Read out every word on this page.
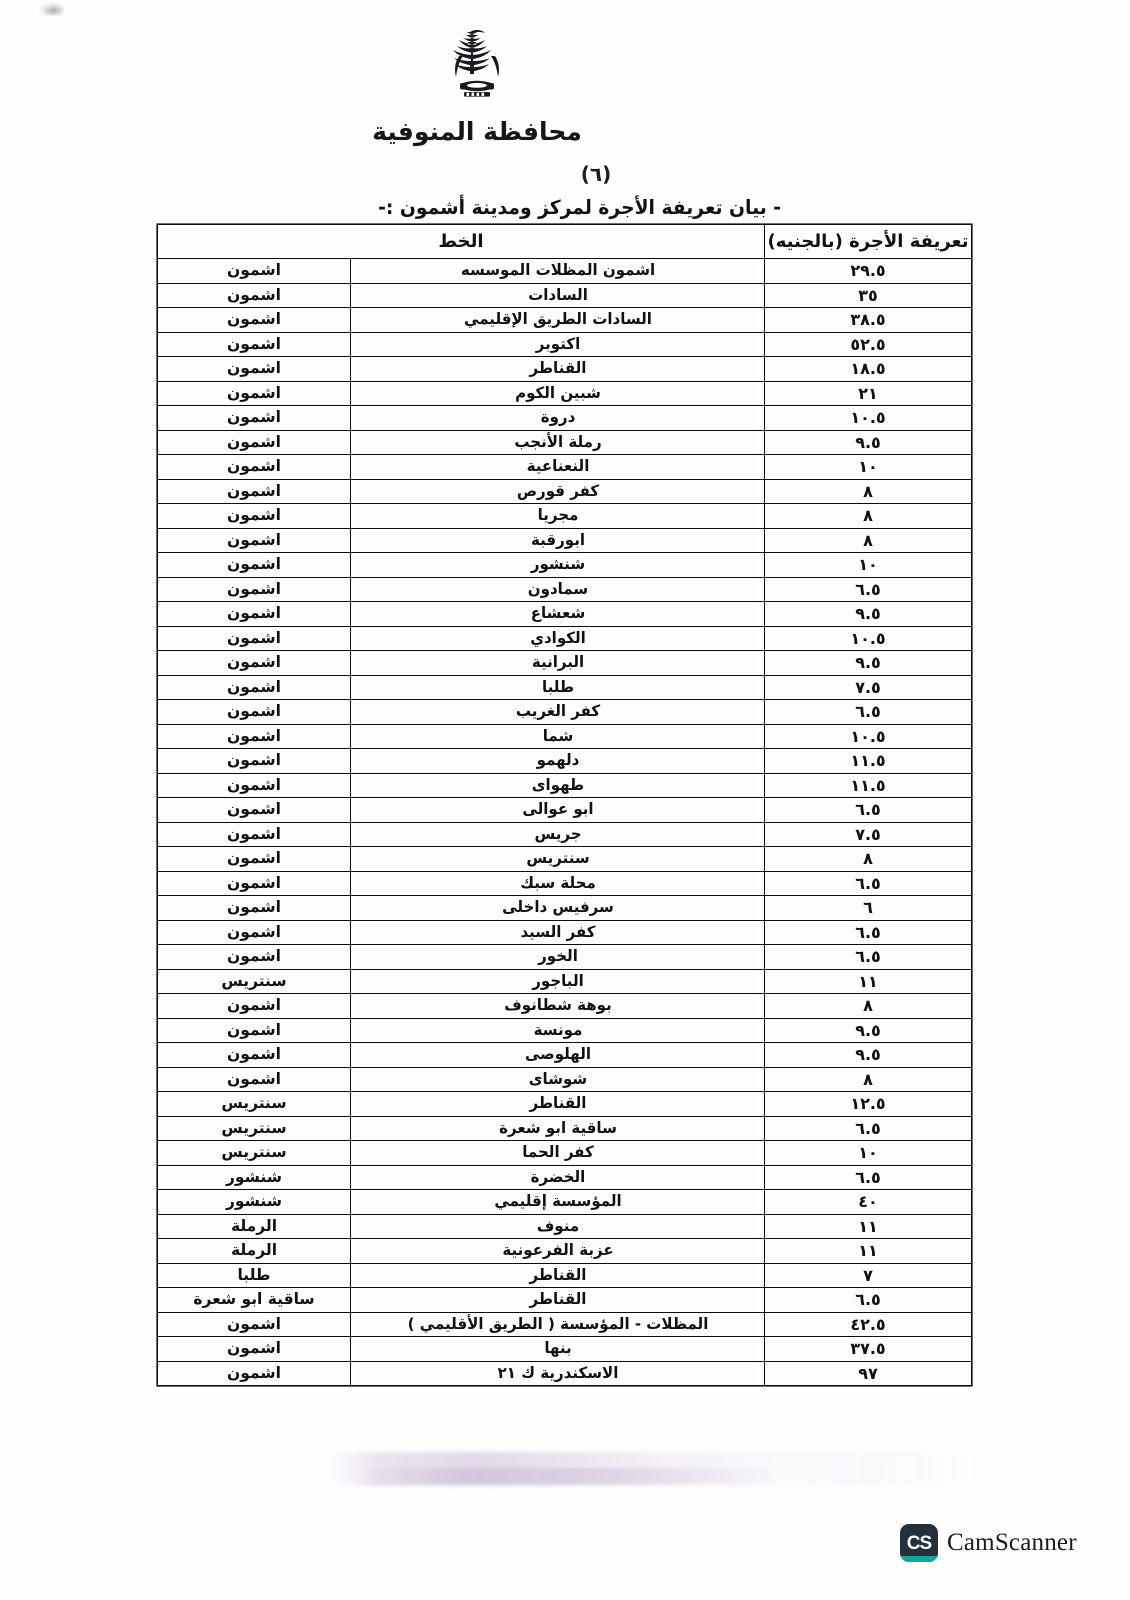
محافظة المنوفية
(٦)
- بيان تعريفة الأجرة لمركز ومدينة أشمون :-
تعريفة الأجرة (بالجنيه)	الخط	
٢٩.٥	اشمون المظلات الموسسه	اشمون
٣٥	السادات	اشمون
٣٨.٥	السادات الطريق الإقليمي	اشمون
٥٢.٥	اكتوبر	اشمون
١٨.٥	القناطر	اشمون
٢١	شبين الكوم	اشمون
١٠.٥	دروة	اشمون
٩.٥	رملة الأنجب	اشمون
١٠	النعناعية	اشمون
٨	كفر قورص	اشمون
٨	مجريا	اشمون
٨	ابورقبة	اشمون
١٠	شنشور	اشمون
٦.٥	سمادون	اشمون
٩.٥	شعشاع	اشمون
١٠.٥	الكوادي	اشمون
٩.٥	البرانية	اشمون
٧.٥	طلبا	اشمون
٦.٥	كفر الغريب	اشمون
١٠.٥	شما	اشمون
١١.٥	دلهمو	اشمون
١١.٥	طهواى	اشمون
٦.٥	ابو عوالى	اشمون
٧.٥	جريس	اشمون
٨	سنتريس	اشمون
٦.٥	محلة سبك	اشمون
٦	سرفيس داخلى	اشمون
٦.٥	كفر السيد	اشمون
٦.٥	الخور	اشمون
١١	الباجور	سنتريس
٨	بوهة شطانوف	اشمون
٩.٥	مونسة	اشمون
٩.٥	الهلوصى	اشمون
٨	شوشاى	اشمون
١٢.٥	القناطر	سنتريس
٦.٥	ساقية ابو شعرة	سنتريس
١٠	كفر الحما	سنتريس
٦.٥	الخضرة	شنشور
٤٠	المؤسسة إقليمي	شنشور
١١	منوف	الرملة
١١	عزبة الفرعونية	الرملة
٧	القناطر	طلبا
٦.٥	القناطر	ساقية ابو شعرة
٤٢.٥	المظلات - المؤسسة ( الطريق الأقليمي )	اشمون
٣٧.٥	بنها	اشمون
٩٧	الاسكندرية ك ٢١	اشمون
CS CamScanner
